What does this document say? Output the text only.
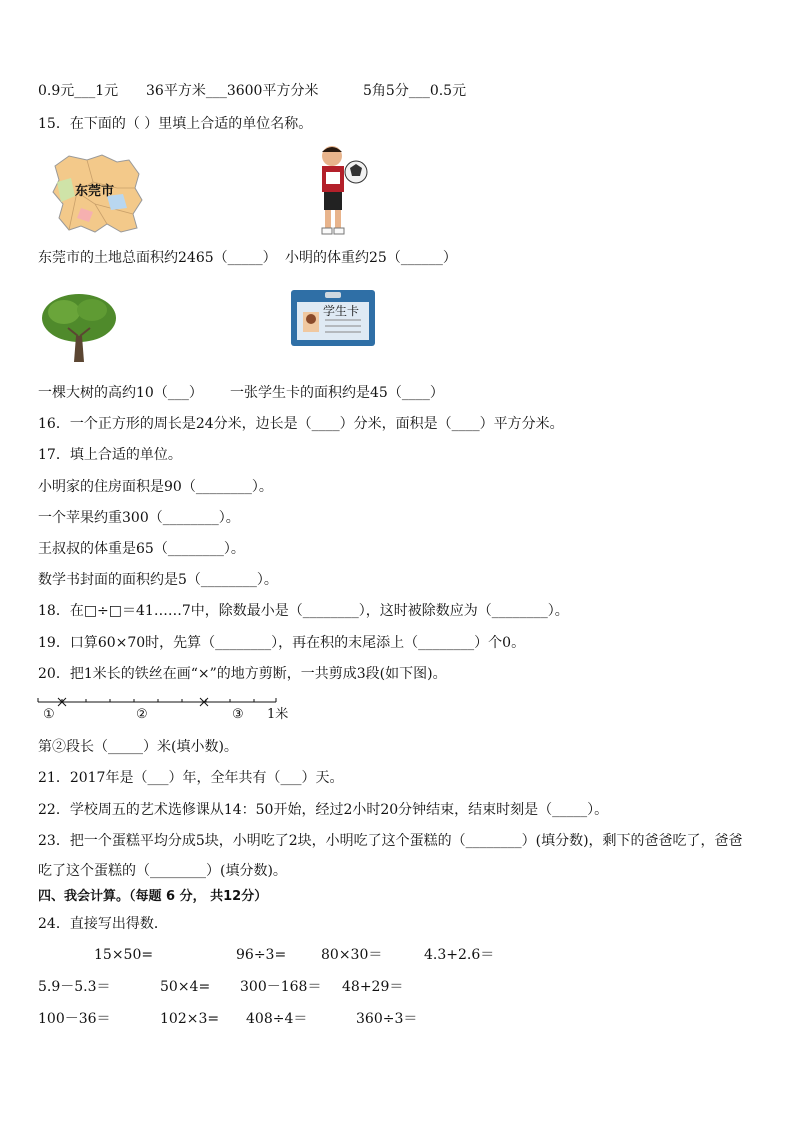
0.9元___1元 36平方米___3600平方分米	5角5分___0.5元
15．在下面的（ ）里填上合适的单位名称。
东莞市
东莞市的土地总面积约2465（_____） 小明的体重约25（______）
学生卡
一棵大树的高约10（___） 一张学生卡的面积约是45（____）
16．一个正方形的周长是24分米，边长是（____）分米，面积是（____）平方分米。
17．填上合适的单位。
小明家的住房面积是90（________）。
一个苹果约重300（________）。
王叔叔的体重是65（________）。
数学书封面的面积约是5（________）。
18．在□÷□＝41……7中，除数最小是（________），这时被除数应为（________）。
19．口算60×70时，先算（________），再在积的末尾添上（________）个0。
20．把1米长的铁丝在画“×”的地方剪断，一共剪成3段(如下图)。
①	②	③ 1米
第②段长（_____）米(填小数)。
21．2017年是（___）年，全年共有（___）天。
22．学校周五的艺术选修课从14：50开始，经过2小时20分钟结束，结束时刻是（_____）。
23．把一个蛋糕平均分成5块，小明吃了2块，小明吃了这个蛋糕的（________）(填分数)，剩下的爸爸吃了，爸爸
吃了这个蛋糕的（________）(填分数)。
四、我会计算。（每题 6 分， 共12分）
24．直接写出得数．
15×50=	96÷3= 80×30＝	4.3+2.6＝
5.9－5.3＝	50×4= 300－168＝ 48+29＝
100－36＝	102×3= 408÷4＝	360÷3＝
